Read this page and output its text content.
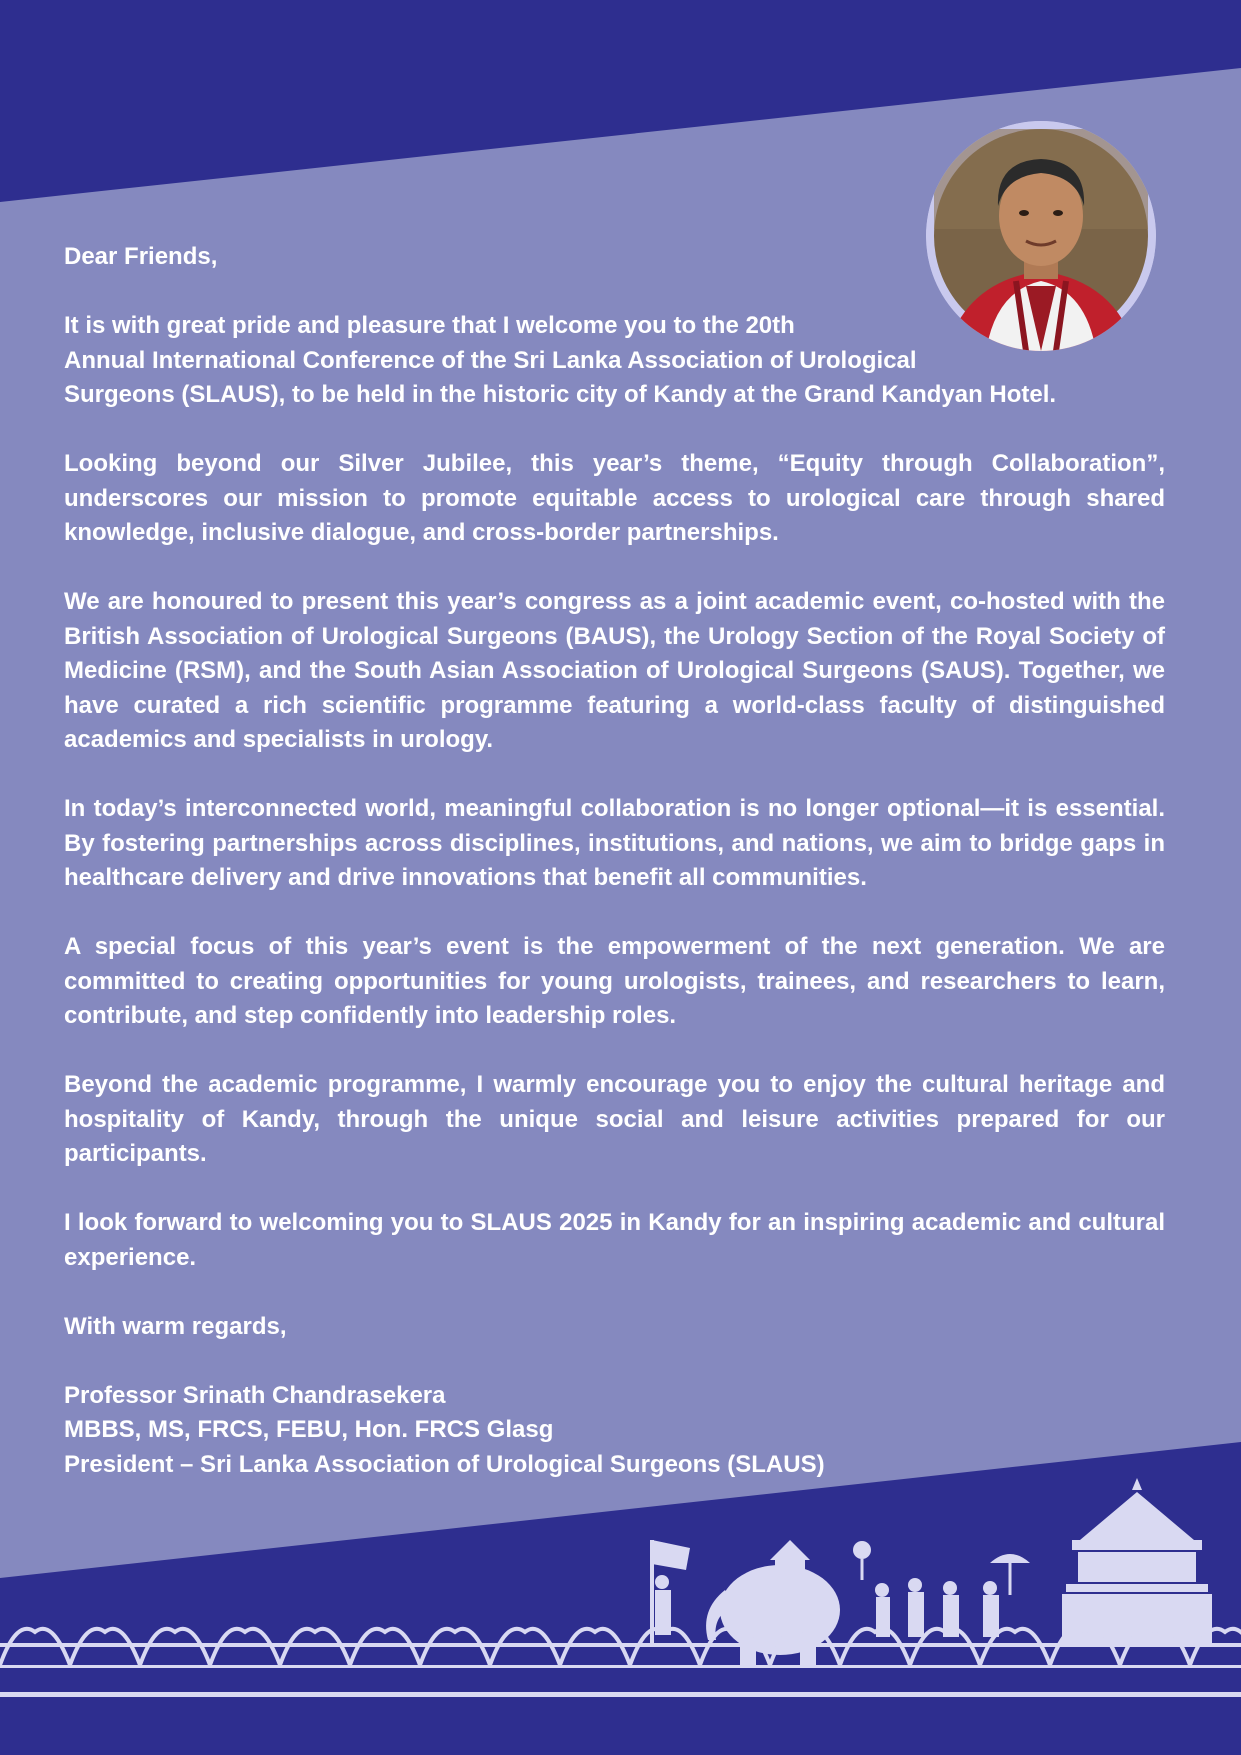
Dear Friends,

It is with great pride and pleasure that I welcome you to the 20th
Annual International Conference of the Sri Lanka Association of Urological
Surgeons (SLAUS), to be held in the historic city of Kandy at the Grand Kandyan Hotel.

Looking beyond our Silver Jubilee, this year’s theme, “Equity through Collaboration”, underscores our mission to promote equitable access to urological care through shared knowledge, inclusive dialogue, and cross-border partnerships.

We are honoured to present this year’s congress as a joint academic event, co-hosted with the British Association of Urological Surgeons (BAUS), the Urology Section of the Royal Society of Medicine (RSM), and the South Asian Association of Urological Surgeons (SAUS). Together, we have curated a rich scientific programme featuring a world-class faculty of distinguished academics and specialists in urology.

In today’s interconnected world, meaningful collaboration is no longer optional—it is essential. By fostering partnerships across disciplines, institutions, and nations, we aim to bridge gaps in healthcare delivery and drive innovations that benefit all communities.

A special focus of this year’s event is the empowerment of the next generation. We are committed to creating opportunities for young urologists, trainees, and researchers to learn, contribute, and step confidently into leadership roles.

Beyond the academic programme, I warmly encourage you to enjoy the cultural heritage and hospitality of Kandy, through the unique social and leisure activities prepared for our participants.

I look forward to welcoming you to SLAUS 2025 in Kandy for an inspiring academic and cultural experience.

With warm regards,

Professor Srinath Chandrasekera
MBBS, MS, FRCS, FEBU, Hon. FRCS Glasg
President – Sri Lanka Association of Urological Surgeons (SLAUS)
